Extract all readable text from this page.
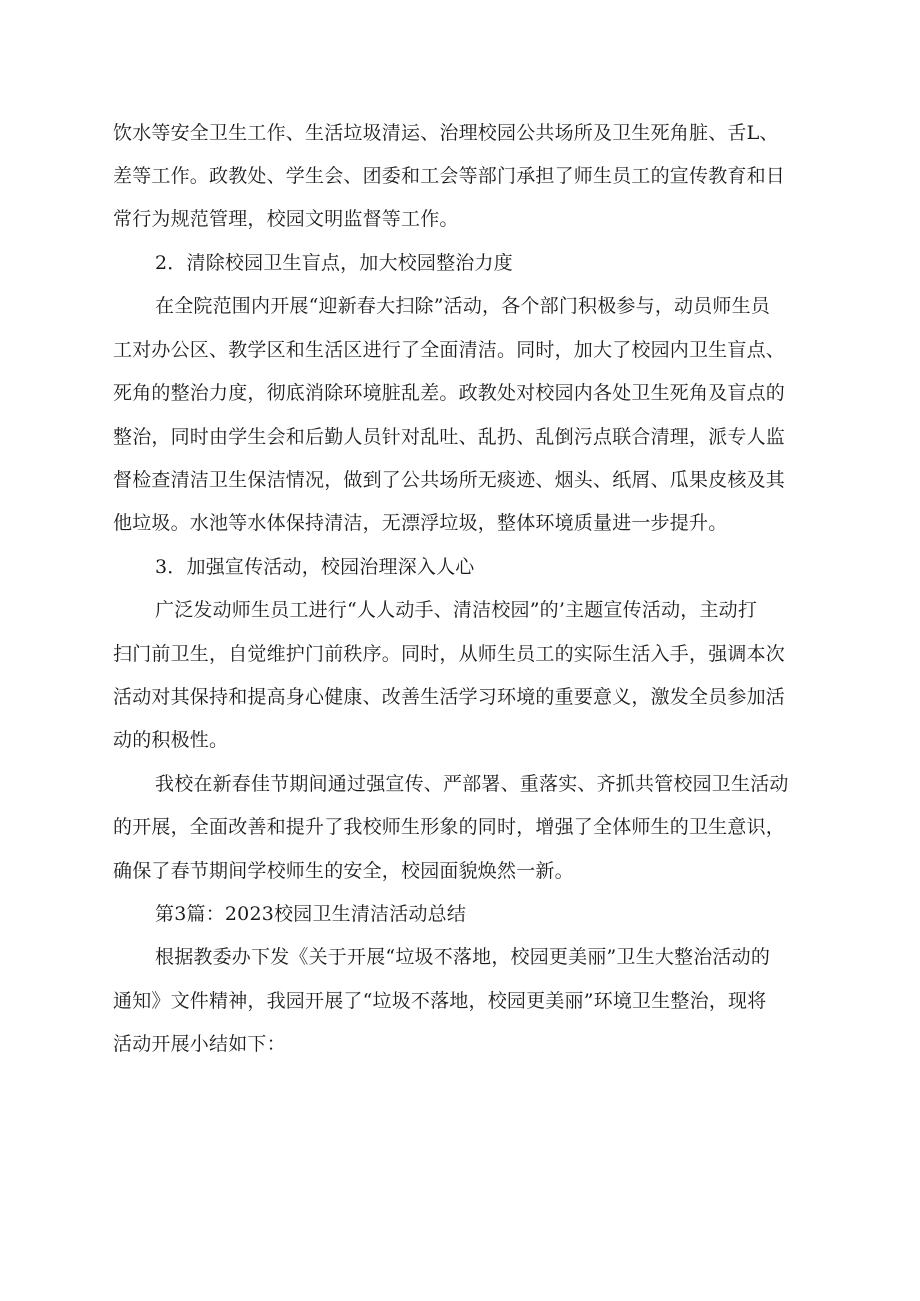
饮水等安全卫生工作、生活垃圾清运、治理校园公共场所及卫生死角脏、舌L、
差等工作。政教处、学生会、团委和工会等部门承担了师生员工的宣传教育和日
常行为规范管理，校园文明监督等工作。
2．清除校园卫生盲点，加大校园整治力度
在全院范围内开展“迎新春大扫除”活动，各个部门积极参与，动员师生员
工对办公区、教学区和生活区进行了全面清洁。同时，加大了校园内卫生盲点、
死角的整治力度，彻底消除环境脏乱差。政教处对校园内各处卫生死角及盲点的
整治，同时由学生会和后勤人员针对乱吐、乱扔、乱倒污点联合清理，派专人监
督检查清洁卫生保洁情况，做到了公共场所无痰迹、烟头、纸屑、瓜果皮核及其
他垃圾。水池等水体保持清洁，无漂浮垃圾，整体环境质量进一步提升。
3．加强宣传活动，校园治理深入人心
广泛发动师生员工进行“人人动手、清洁校园”的’主题宣传活动，主动打
扫门前卫生，自觉维护门前秩序。同时，从师生员工的实际生活入手，强调本次
活动对其保持和提高身心健康、改善生活学习环境的重要意义，激发全员参加活
动的积极性。
我校在新春佳节期间通过强宣传、严部署、重落实、齐抓共管校园卫生活动
的开展，全面改善和提升了我校师生形象的同时，增强了全体师生的卫生意识，
确保了春节期间学校师生的安全，校园面貌焕然一新。
第3篇：2023校园卫生清洁活动总结
根据教委办下发《关于开展“垃圾不落地，校园更美丽”卫生大整治活动的
通知》文件精神，我园开展了“垃圾不落地，校园更美丽”环境卫生整治，现将
活动开展小结如下：
